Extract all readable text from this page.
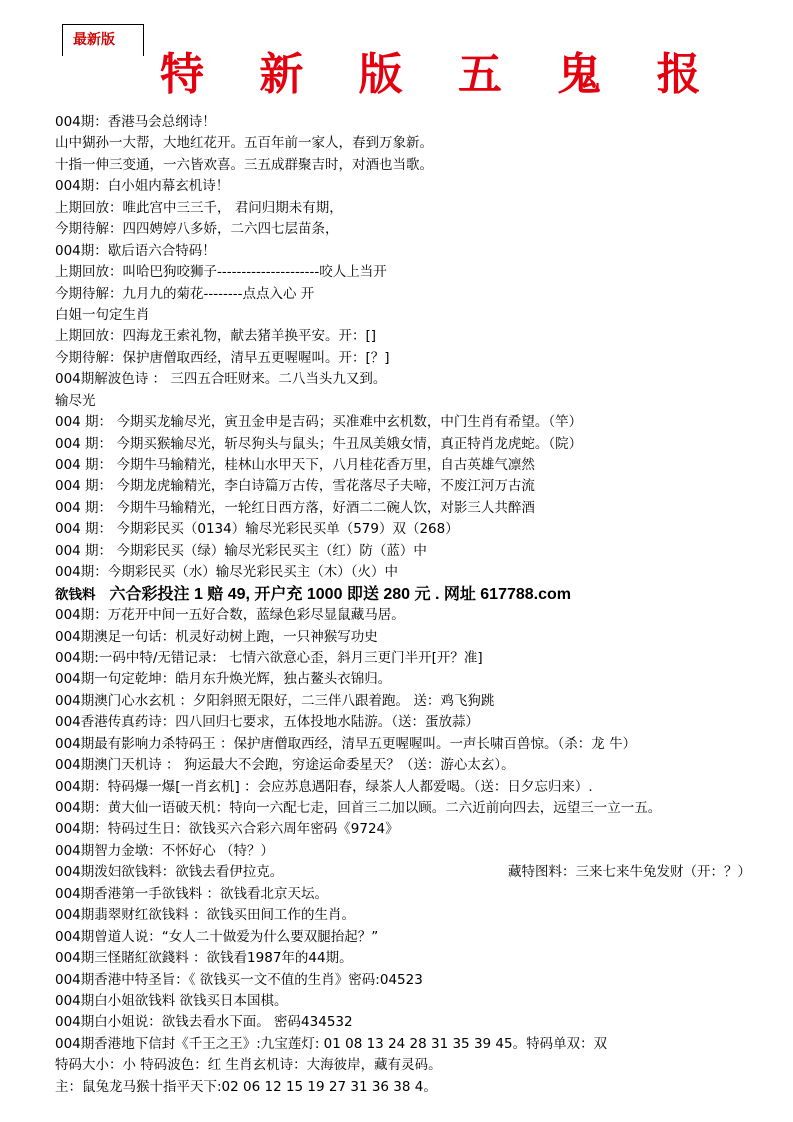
最新版
特 新 版 五 鬼 报
004期：香港马会总纲诗！
山中猢孙一大帮，大地红花开。五百年前一家人，春到万象新。
十指一伸三变通，一六皆欢喜。三五成群聚吉时，对酒也当歌。
004期：白小姐内幕玄机诗！
上期回放：唯此宫中三三千， 君问归期未有期，
今期待解：四四娉婷八多娇，二六四七层苗条，
004期：歇后语六合特码！
上期回放：叫哈巴狗咬狮子---------------------咬人上当开
今期待解：九月九的菊花--------点点入心 开
白姐一句定生肖
上期回放：四海龙王索礼物，献去猪羊换平安。开：[]
今期待解：保护唐僧取西经，清早五更喔喔叫。开：[？]
004期解波色诗 ： 三四五合旺财来。二八当头九又到。
输尽光
004 期： 今期买龙输尽光，寅丑金申是吉码；买准难中玄机数，中门生肖有希望。（竿）
004 期： 今期买猴输尽光，斩尽狗头与鼠头；牛丑凤美娥女情，真正特肖龙虎蛇。（院）
004 期： 今期牛马输精光，桂林山水甲天下，八月桂花香万里，自古英雄气凛然
004 期： 今期龙虎输精光，李白诗篇万古传，雪花落尽子夫啼，不废江河万古流
004 期： 今期牛马输精光，一轮红日西方落，好酒二二碗人饮，对影三人共醉酒
004 期： 今期彩民买（0134）输尽光彩民买单（579）双（268）
004 期： 今期彩民买（绿）输尽光彩民买主（红）防（蓝）中
004期：今期彩民买（水）输尽光彩民买主（木）（火）中
欲钱料 六合彩投注 1 赔 49, 开户充 1000 即送 280 元 . 网址 617788.com
004期：万花开中间一五好合数，蓝绿色彩尽显鼠藏马居。
004期澳足一句话：机灵好动树上跑，一只神猴写功史
004期:一码中特/无错记录： 七情六欲意心歪，斜月三更门半开[开？准]
004期一句定乾坤：皓月东升焕光辉，独占鳌头衣锦归。
004期澳门心水玄机 ：夕阳斜照无限好，二三伴八跟着跑。 送：鸡飞狗跳
004香港传真药诗：四八回归七要求，五体投地水陆游。（送：蛋放蒜）
004期最有影响力杀特码王 ：保护唐僧取西经，清早五更喔喔叫。一声长啸百兽惊。（杀：龙 牛）
004期澳门天机诗 ： 狗运最大不会跑，穷途运命委星天？（送：游心太玄）。
004期：特码爆一爆[一肖玄机] ：会应苏息遇阳春，绿茶人人都爱喝。（送：日夕忘归来）.
004期：黄大仙一语破天机：特向一六配七走，回首三二加以顾。二六近前向四去，远望三一立一五。
004期：特码过生日：欲钱买六合彩六周年密码《9724》
004期智力金墩：不怀好心 （特？）
004期泼妇欲钱料：欲钱去看伊拉克。	藏特图料：三来七来牛兔发财（开：？）
004期香港第一手欲钱料 ：欲钱看北京天坛。
004期翡翠财红欲钱料 ：欲钱买田间工作的生肖。
004期曾道人说：“女人二十做爱为什么要双腿抬起？”
004期三怪賭紅欲錢料 ：欲钱看1987年的44期。
004期香港中特圣旨：《 欲钱买一文不值的生肖》密码:04523
004期白小姐欲钱料 欲钱买日本国棋。
004期白小姐说：欲钱去看水下面。 密码434532
004期香港地下信封《千王之王》:九宝莲灯: 01 08 13 24 28 31 35 39 45。特码单双：双
特码大小：小 特码波色：红 生肖玄机诗：大海彼岸，藏有灵码。
主：鼠兔龙马猴十指平天下:02 06 12 15 19 27 31 36 38 4。
